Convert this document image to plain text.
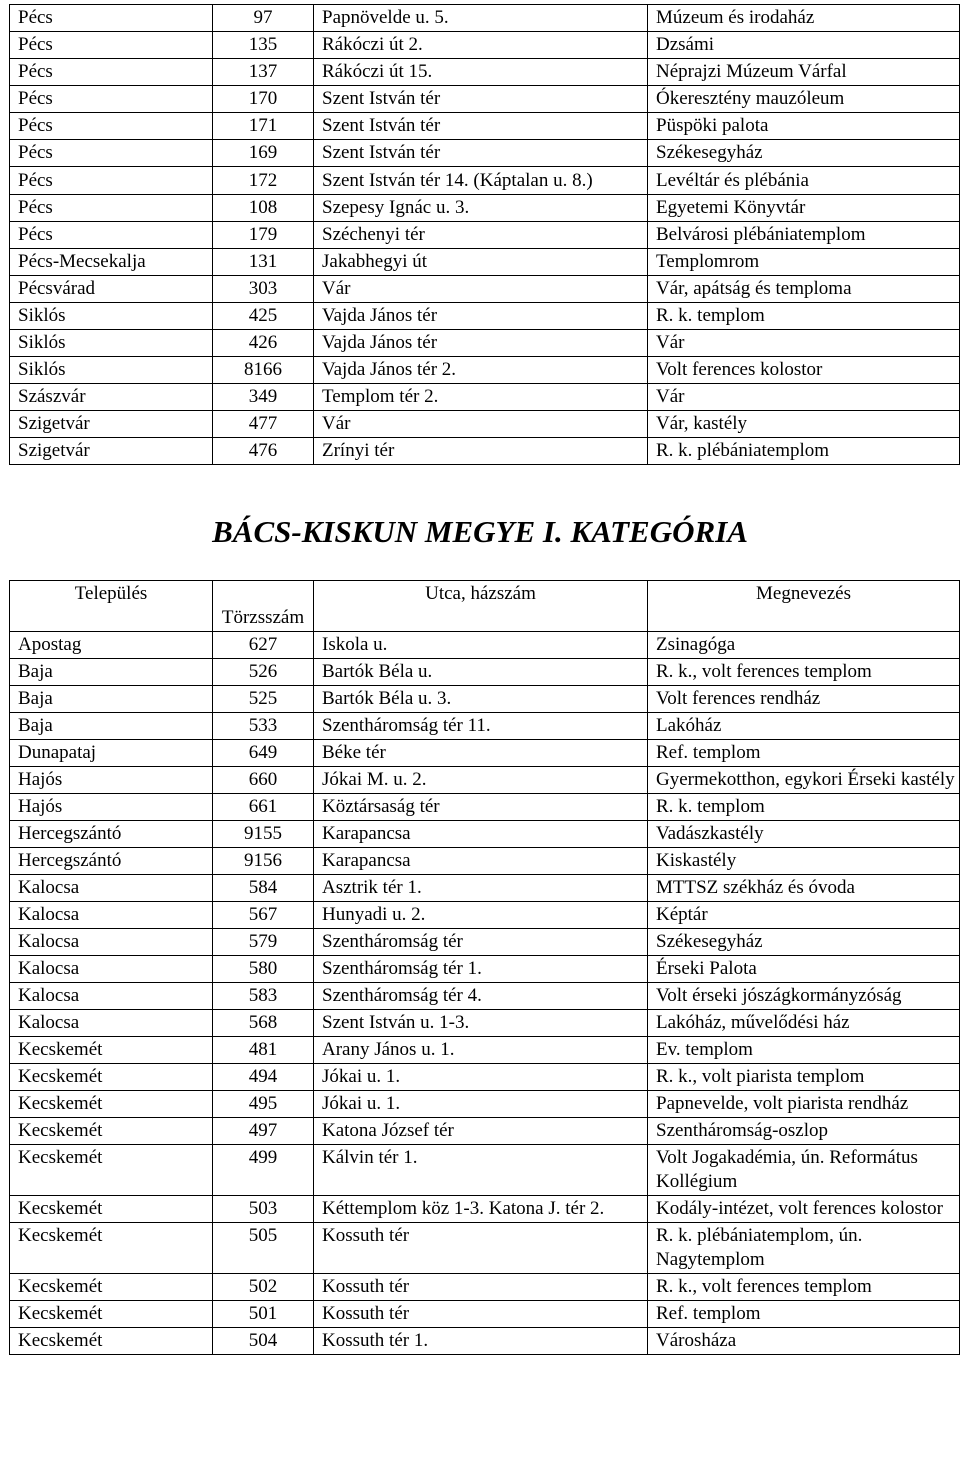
Pécs	97	Papnövelde u. 5.	Múzeum és irodaház
Pécs	135	Rákóczi út 2.	Dzsámi
Pécs	137	Rákóczi út 15.	Néprajzi Múzeum Várfal
Pécs	170	Szent István tér	Ókeresztény mauzóleum
Pécs	171	Szent István tér	Püspöki palota
Pécs	169	Szent István tér	Székesegyház
Pécs	172	Szent István tér 14. (Káptalan u. 8.)	Levéltár és plébánia
Pécs	108	Szepesy Ignác u. 3.	Egyetemi Könyvtár
Pécs	179	Széchenyi tér	Belvárosi plébániatemplom
Pécs-Mecsekalja	131	Jakabhegyi út	Templomrom
Pécsvárad	303	Vár	Vár, apátság és temploma
Siklós	425	Vajda János tér	R. k. templom
Siklós	426	Vajda János tér	Vár
Siklós	8166	Vajda János tér 2.	Volt ferences kolostor
Szászvár	349	Templom tér 2.	Vár
Szigetvár	477	Vár	Vár, kastély
Szigetvár	476	Zrínyi tér	R. k. plébániatemplom
BÁCS-KISKUN MEGYE I. KATEGÓRIA
Település	Törzsszám	Utca, házszám	Megnevezés
Apostag	627	Iskola u.	Zsinagóga
Baja	526	Bartók Béla u.	R. k., volt ferences templom
Baja	525	Bartók Béla u. 3.	Volt ferences rendház
Baja	533	Szentháromság tér 11.	Lakóház
Dunapataj	649	Béke tér	Ref. templom
Hajós	660	Jókai M. u. 2.	Gyermekotthon, egykori Érseki kastély
Hajós	661	Köztársaság tér	R. k. templom
Hercegszántó	9155	Karapancsa	Vadászkastély
Hercegszántó	9156	Karapancsa	Kiskastély
Kalocsa	584	Asztrik tér 1.	MTTSZ székház és óvoda
Kalocsa	567	Hunyadi u. 2.	Képtár
Kalocsa	579	Szentháromság tér	Székesegyház
Kalocsa	580	Szentháromság tér 1.	Érseki Palota
Kalocsa	583	Szentháromság tér 4.	Volt érseki jószágkormányzóság
Kalocsa	568	Szent István u. 1-3.	Lakóház, művelődési ház
Kecskemét	481	Arany János u. 1.	Ev. templom
Kecskemét	494	Jókai u. 1.	R. k., volt piarista templom
Kecskemét	495	Jókai u. 1.	Papnevelde, volt piarista rendház
Kecskemét	497	Katona József tér	Szentháromság-oszlop
Kecskemét	499	Kálvin tér 1.	Volt Jogakadémia, ún. Református Kollégium
Kecskemét	503	Kéttemplom köz 1-3. Katona J. tér 2.	Kodály-intézet, volt ferences kolostor
Kecskemét	505	Kossuth tér	R. k. plébániatemplom, ún. Nagytemplom
Kecskemét	502	Kossuth tér	R. k., volt ferences templom
Kecskemét	501	Kossuth tér	Ref. templom
Kecskemét	504	Kossuth tér 1.	Városháza
